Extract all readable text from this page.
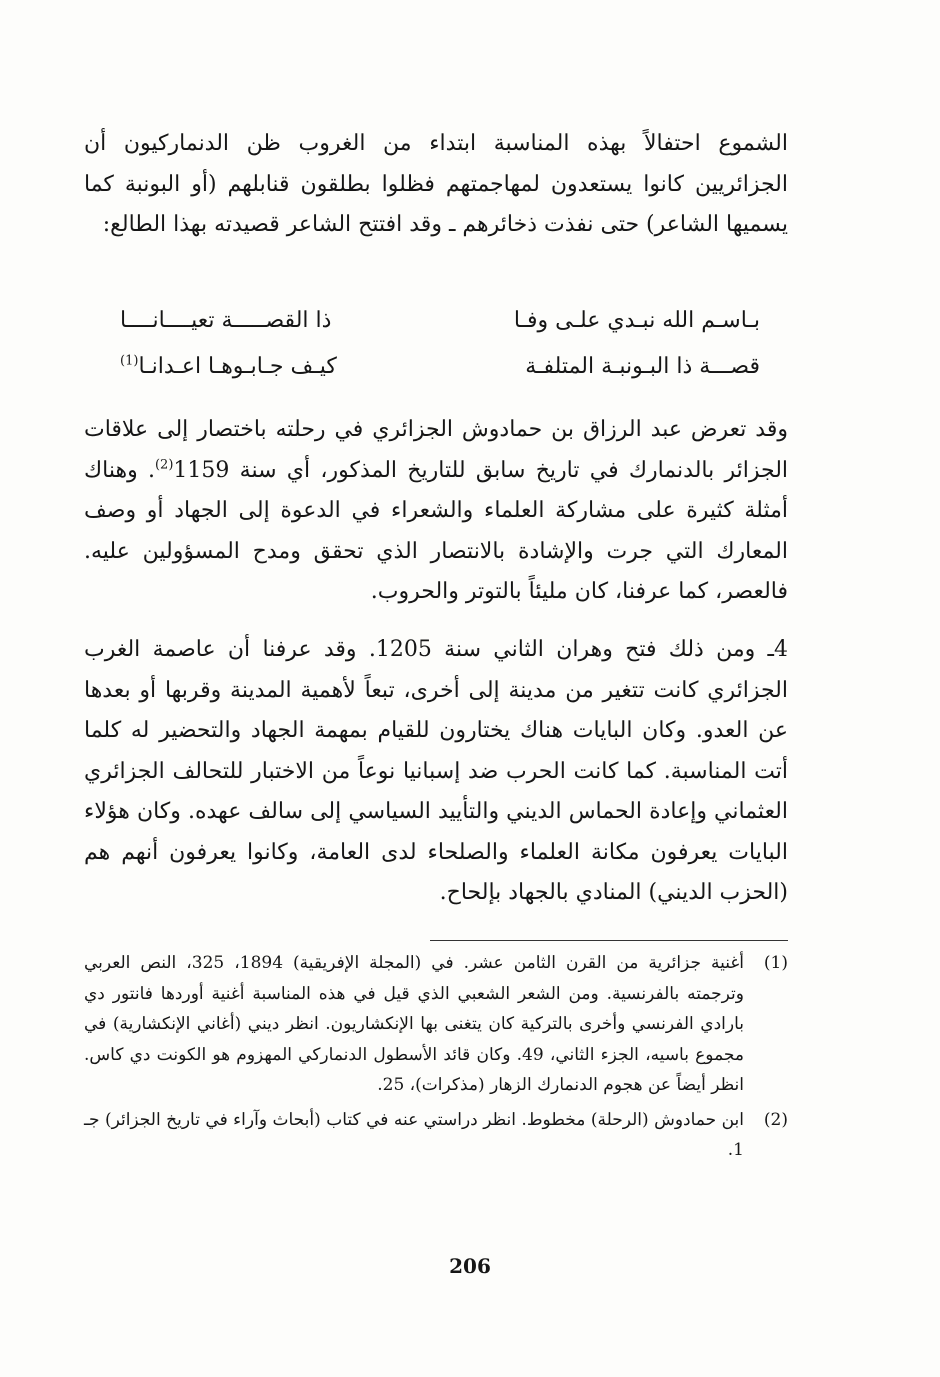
الشموع احتفالاً بهذه المناسبة ابتداء من الغروب ظن الدنماركيون أن الجزائريين كانوا يستعدون لمهاجمتهم فظلوا بطلقون قنابلهم (أو البونبة كما يسميها الشاعر) حتى نفذت ذخائرهم ـ وقد افتتح الشاعر قصيدته بهذا الطالع:

بـاسـم الله نبـدي علـى وفـا
ذا القصـــــة تعيــــانــــا
قصـــة ذا البـونبـة المتلفـة
كيـف جـابـوهـا اعـدانـا$^{(1)}$

وقد تعرض عبد الرزاق بن حمادوش الجزائري في رحلته باختصار إلى علاقات الجزائر بالدنمارك في تاريخ سابق للتاريخ المذكور، أي سنة 1159$^{(2)}$. وهناك أمثلة كثيرة على مشاركة العلماء والشعراء في الدعوة إلى الجهاد أو وصف المعارك التي جرت والإشادة بالانتصار الذي تحقق ومدح المسؤولين عليه. فالعصر، كما عرفنا، كان مليئاً بالتوتر والحروب.

4ـ ومن ذلك فتح وهران الثاني سنة 1205. وقد عرفنا أن عاصمة الغرب الجزائري كانت تتغير من مدينة إلى أخرى، تبعاً لأهمية المدينة وقربها أو بعدها عن العدو. وكان البايات هناك يختارون للقيام بمهمة الجهاد والتحضير له كلما أتت المناسبة. كما كانت الحرب ضد إسبانيا نوعاً من الاختبار للتحالف الجزائري العثماني وإعادة الحماس الديني والتأييد السياسي إلى سالف عهده. وكان هؤلاء البايات يعرفون مكانة العلماء والصلحاء لدى العامة، وكانوا يعرفون أنهم هم (الحزب الديني) المنادي بالجهاد بإلحاح.

(1)
أغنية جزائرية من القرن الثامن عشر. في (المجلة الإفريقية) 1894، 325، النص العربي وترجمته بالفرنسية. ومن الشعر الشعبي الذي قيل في هذه المناسبة أغنية أوردها فانتور دي بارادي الفرنسي وأخرى بالتركية كان يتغنى بها الإنكشاريون. انظر ديني (أغاني الإنكشارية) في مجموع باسيه، الجزء الثاني، 49. وكان قائد الأسطول الدنماركي المهزوم هو الكونت دي كاس. انظر أيضاً عن هجوم الدنمارك الزهار (مذكرات)، 25.
(2)
ابن حمادوش (الرحلة) مخطوط. انظر دراستي عنه في كتاب (أبحاث وآراء في تاريخ الجزائر) جـ 1.
206
